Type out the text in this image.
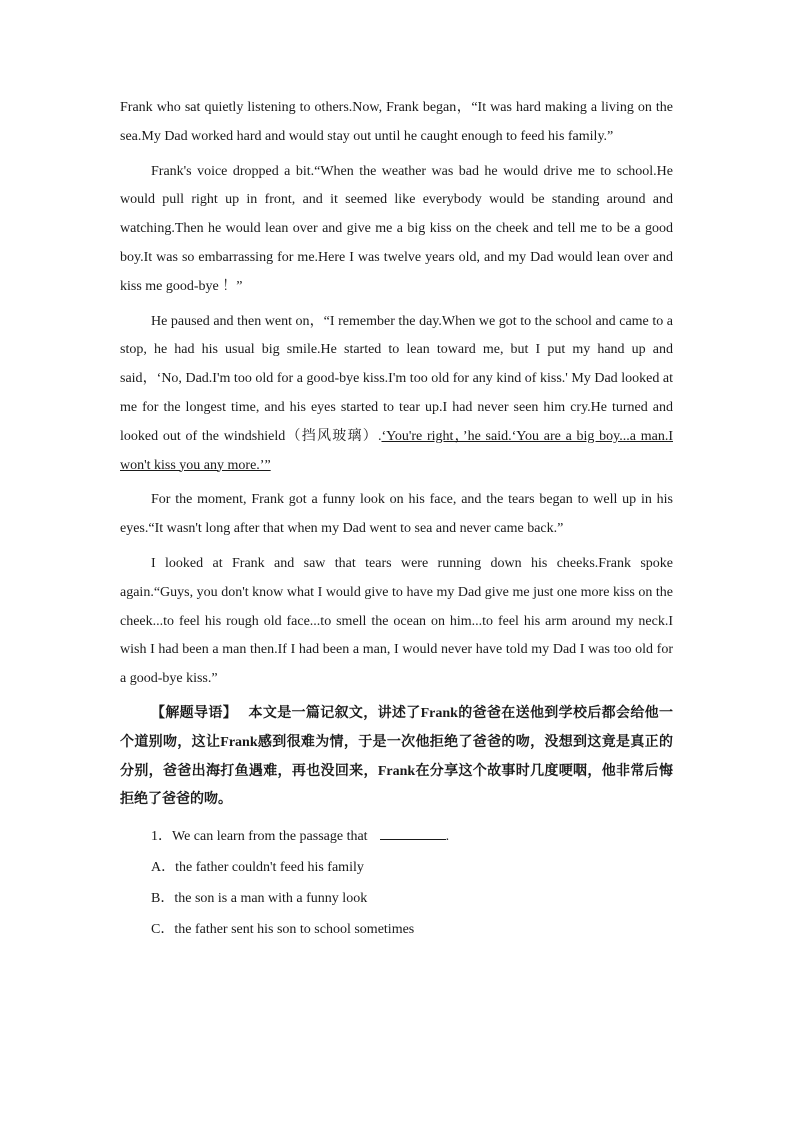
Frank who sat quietly listening to others.Now, Frank began，“It was hard making a living on the sea.My Dad worked hard and would stay out until he caught enough to feed his family.”

Frank's voice dropped a bit.“When the weather was bad he would drive me to school.He would pull right up in front, and it seemed like everybody would be standing around and watching.Then he would lean over and give me a big kiss on the cheek and tell me to be a good boy.It was so embarrassing for me.Here I was twelve years old, and my Dad would lean over and kiss me good-bye ！”

He paused and then went on，“I remember the day.When we got to the school and came to a stop, he had his usual big smile.He started to lean toward me, but I put my hand up and said，‘No, Dad.I'm too old for a good-bye kiss.I'm too old for any kind of kiss.' My Dad looked at me for the longest time, and his eyes started to tear up.I had never seen him cry.He turned and looked out of the windshield（挡风玻璃）.‘You're right，’he said.‘You are a big boy...a man.I won't kiss you any more.’”

For the moment, Frank got a funny look on his face, and the tears began to well up in his eyes.“It wasn't long after that when my Dad went to sea and never came back.”

I looked at Frank and saw that tears were running down his cheeks.Frank spoke again.“Guys, you don't know what I would give to have my Dad give me just one more kiss on the cheek...to feel his rough old face...to smell the ocean on him...to feel his arm around my neck.I wish I had been a man then.If I had been a man, I would never have told my Dad I was too old for a good-bye kiss.”

【解题导语】 本文是一篇记叙文，讲述了Frank的爸爸在送他到学校后都会给他一个道别吻，这让Frank感到很难为情，于是一次他拒绝了爸爸的吻，没想到这竟是真正的分别，爸爸出海打鱼遇难，再也没回来，Frank在分享这个故事时几度哽咽，他非常后悔拒绝了爸爸的吻。

1．We can learn from the passage that	.

A．the father couldn't feed his family

B．the son is a man with a funny look

C．the father sent his son to school sometimes
